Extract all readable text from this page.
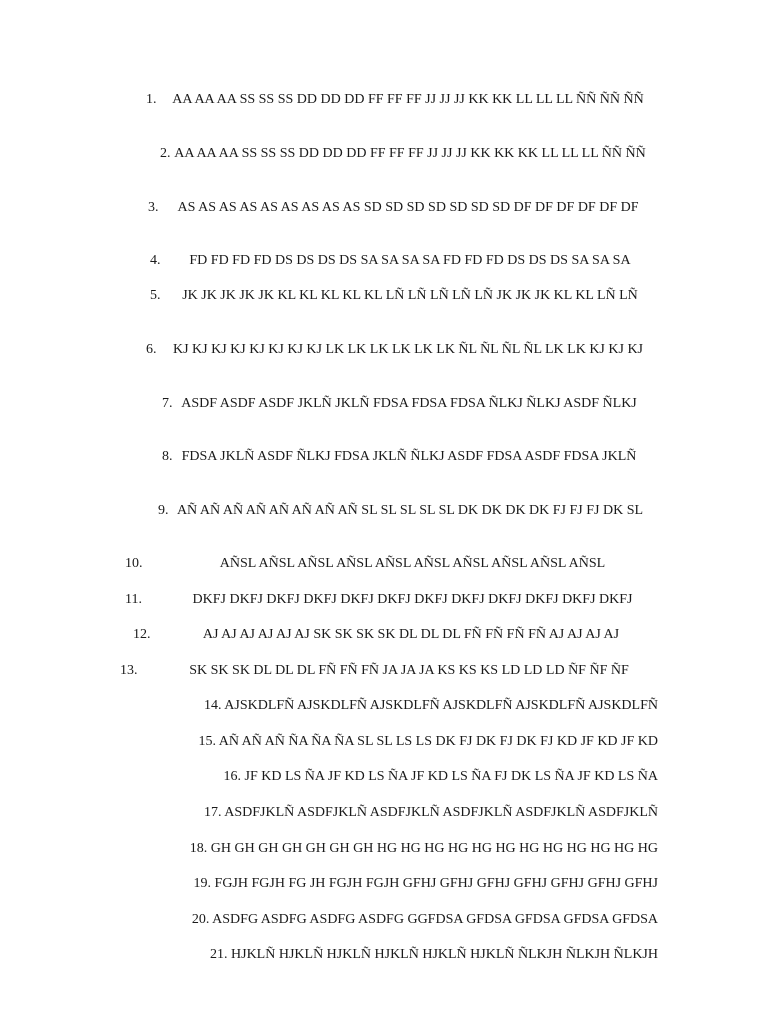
1.	AA AA AA SS SS SS DD DD DD FF FF FF JJ JJ JJ KK KK LL LL LL ÑÑ ÑÑ ÑÑ
2. AA AA AA SS SS SS DD DD DD FF FF FF JJ JJ JJ KK KK KK LL LL LL ÑÑ ÑÑ
3.	AS AS AS AS AS AS AS AS AS SD SD SD SD SD SD SD DF DF DF DF DF DF
4.	FD FD FD FD DS DS DS DS SA SA SA SA FD FD FD DS DS DS SA SA SA
5.	JK JK JK JK JK KL KL KL KL KL LÑ LÑ LÑ LÑ LÑ JK JK JK KL KL LÑ LÑ
6.	KJ KJ KJ KJ KJ KJ KJ KJ LK LK LK LK LK LK ÑL ÑL ÑL ÑL LK LK KJ KJ KJ
7. ASDF ASDF ASDF JKLÑ JKLÑ FDSA FDSA FDSA ÑLKJ ÑLKJ ASDF ÑLKJ
8. FDSA JKLÑ ASDF ÑLKJ FDSA JKLÑ ÑLKJ ASDF FDSA ASDF FDSA JKLÑ
9. AÑ AÑ AÑ AÑ AÑ AÑ AÑ AÑ SL SL SL SL SL DK DK DK DK FJ FJ FJ DK SL
10.	AÑSL AÑSL AÑSL AÑSL AÑSL AÑSL AÑSL AÑSL AÑSL AÑSL
11.	DKFJ DKFJ DKFJ DKFJ DKFJ DKFJ DKFJ DKFJ DKFJ DKFJ DKFJ DKFJ
12.	AJ AJ AJ AJ AJ AJ SK SK SK SK DL DL DL FÑ FÑ FÑ FÑ AJ AJ AJ AJ
13.	SK SK SK DL DL DL FÑ FÑ FÑ JA JA JA KS KS KS LD LD LD ÑF ÑF ÑF
14. AJSKDLFÑ AJSKDLFÑ AJSKDLFÑ AJSKDLFÑ AJSKDLFÑ AJSKDLFÑ
15. AÑ AÑ AÑ ÑA ÑA ÑA SL SL LS LS DK FJ DK FJ DK FJ KD JF KD JF KD
16. JF KD LS ÑA JF KD LS ÑA JF KD LS ÑA FJ DK LS ÑA JF KD LS ÑA
17. ASDFJKLÑ ASDFJKLÑ ASDFJKLÑ ASDFJKLÑ ASDFJKLÑ ASDFJKLÑ
18. GH GH GH GH GH GH GH HG HG HG HG HG HG HG HG HG HG HG HG
19. FGJH FGJH FG JH FGJH FGJH GFHJ GFHJ GFHJ GFHJ GFHJ GFHJ GFHJ
20. ASDFG ASDFG ASDFG ASDFG GGFDSA GFDSA GFDSA GFDSA GFDSA
21. HJKLÑ HJKLÑ HJKLÑ HJKLÑ HJKLÑ HJKLÑ ÑLKJH ÑLKJH ÑLKJH
